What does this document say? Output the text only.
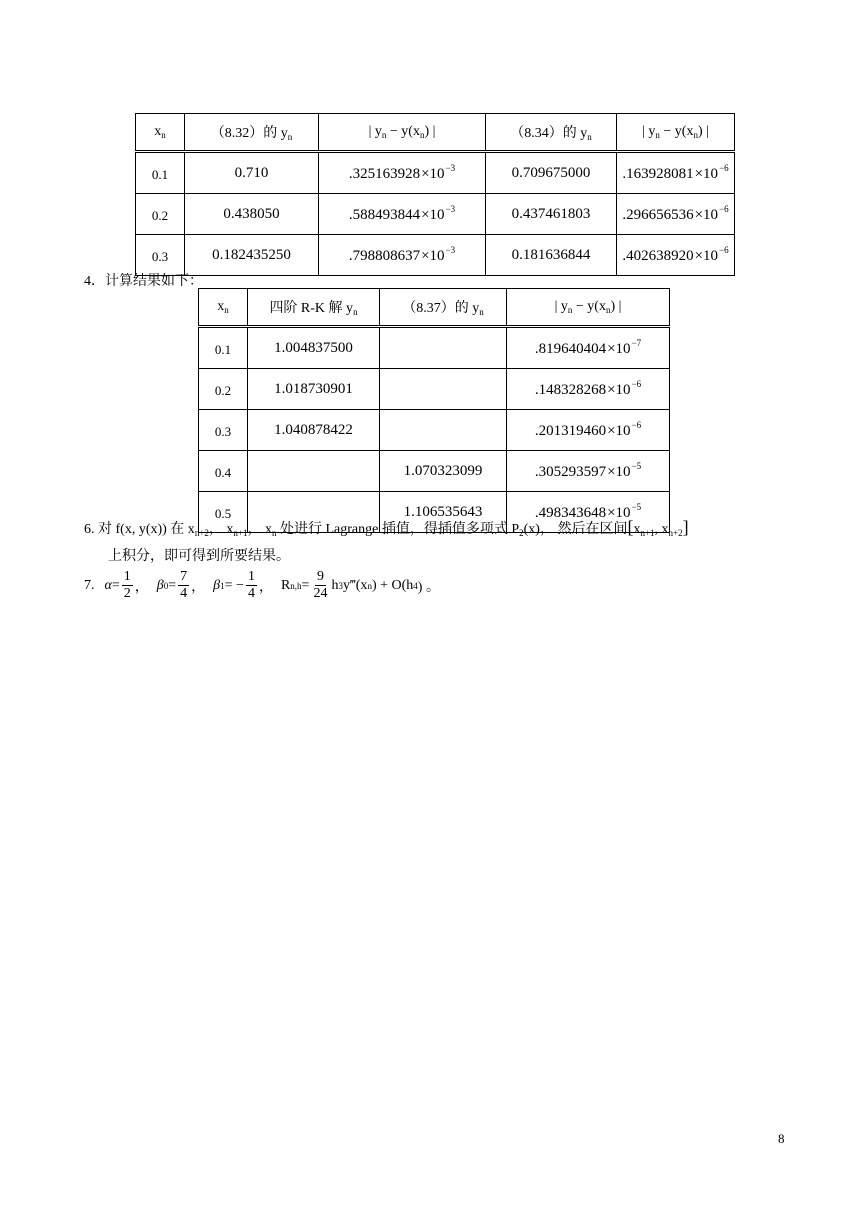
$x_n$	（8.32）的 $y_n$	| $y_n - y(x_n)$ |	（8.34）的 $y_n$	| $y_n - y(x_n)$ |
0.1	0.710	$.325163928\times 10^{-3}$	0.709675000	$.163928081\times 10^{-6}$
0.2	0.438050	$.588493844\times 10^{-3}$	0.437461803	$.296656536\times 10^{-6}$
0.3	0.182435250	$.798808637\times 10^{-3}$	0.181636844	$.402638920\times 10^{-6}$
4．计算结果如下：
$x_n$	四阶 R-K 解 $y_n$	（8.37）的 $y_n$	| $y_n - y(x_n)$ |
0.1	1.004837500		$.819640404\times 10^{-7}$
0.2	1.018730901		$.148328268\times 10^{-6}$
0.3	1.040878422		$.201319460\times 10^{-6}$
0.4		1.070323099	$.305293597\times 10^{-5}$
0.5		1.106535643	$.498343648\times 10^{-5}$
6. 对 f(x, y(x)) 在 $x_{n+2}$， $x_{n+1}$， $x_n$ 处进行 Lagrange 插值，得插值多项式 $P_2(x)$， 然后在区间[$x_{n+1}$, $x_{n+2}$]
上积分，即可得到所要结果。
7. $\alpha = \frac{1}{2}$ ， β $0 = \frac{7}{4}$ ， β 1 = − $\frac{1}{4}$ ， R $n,h = \frac{9}{24}$ h 3 y‴(x n ) + O(h 4 ) 。
8
